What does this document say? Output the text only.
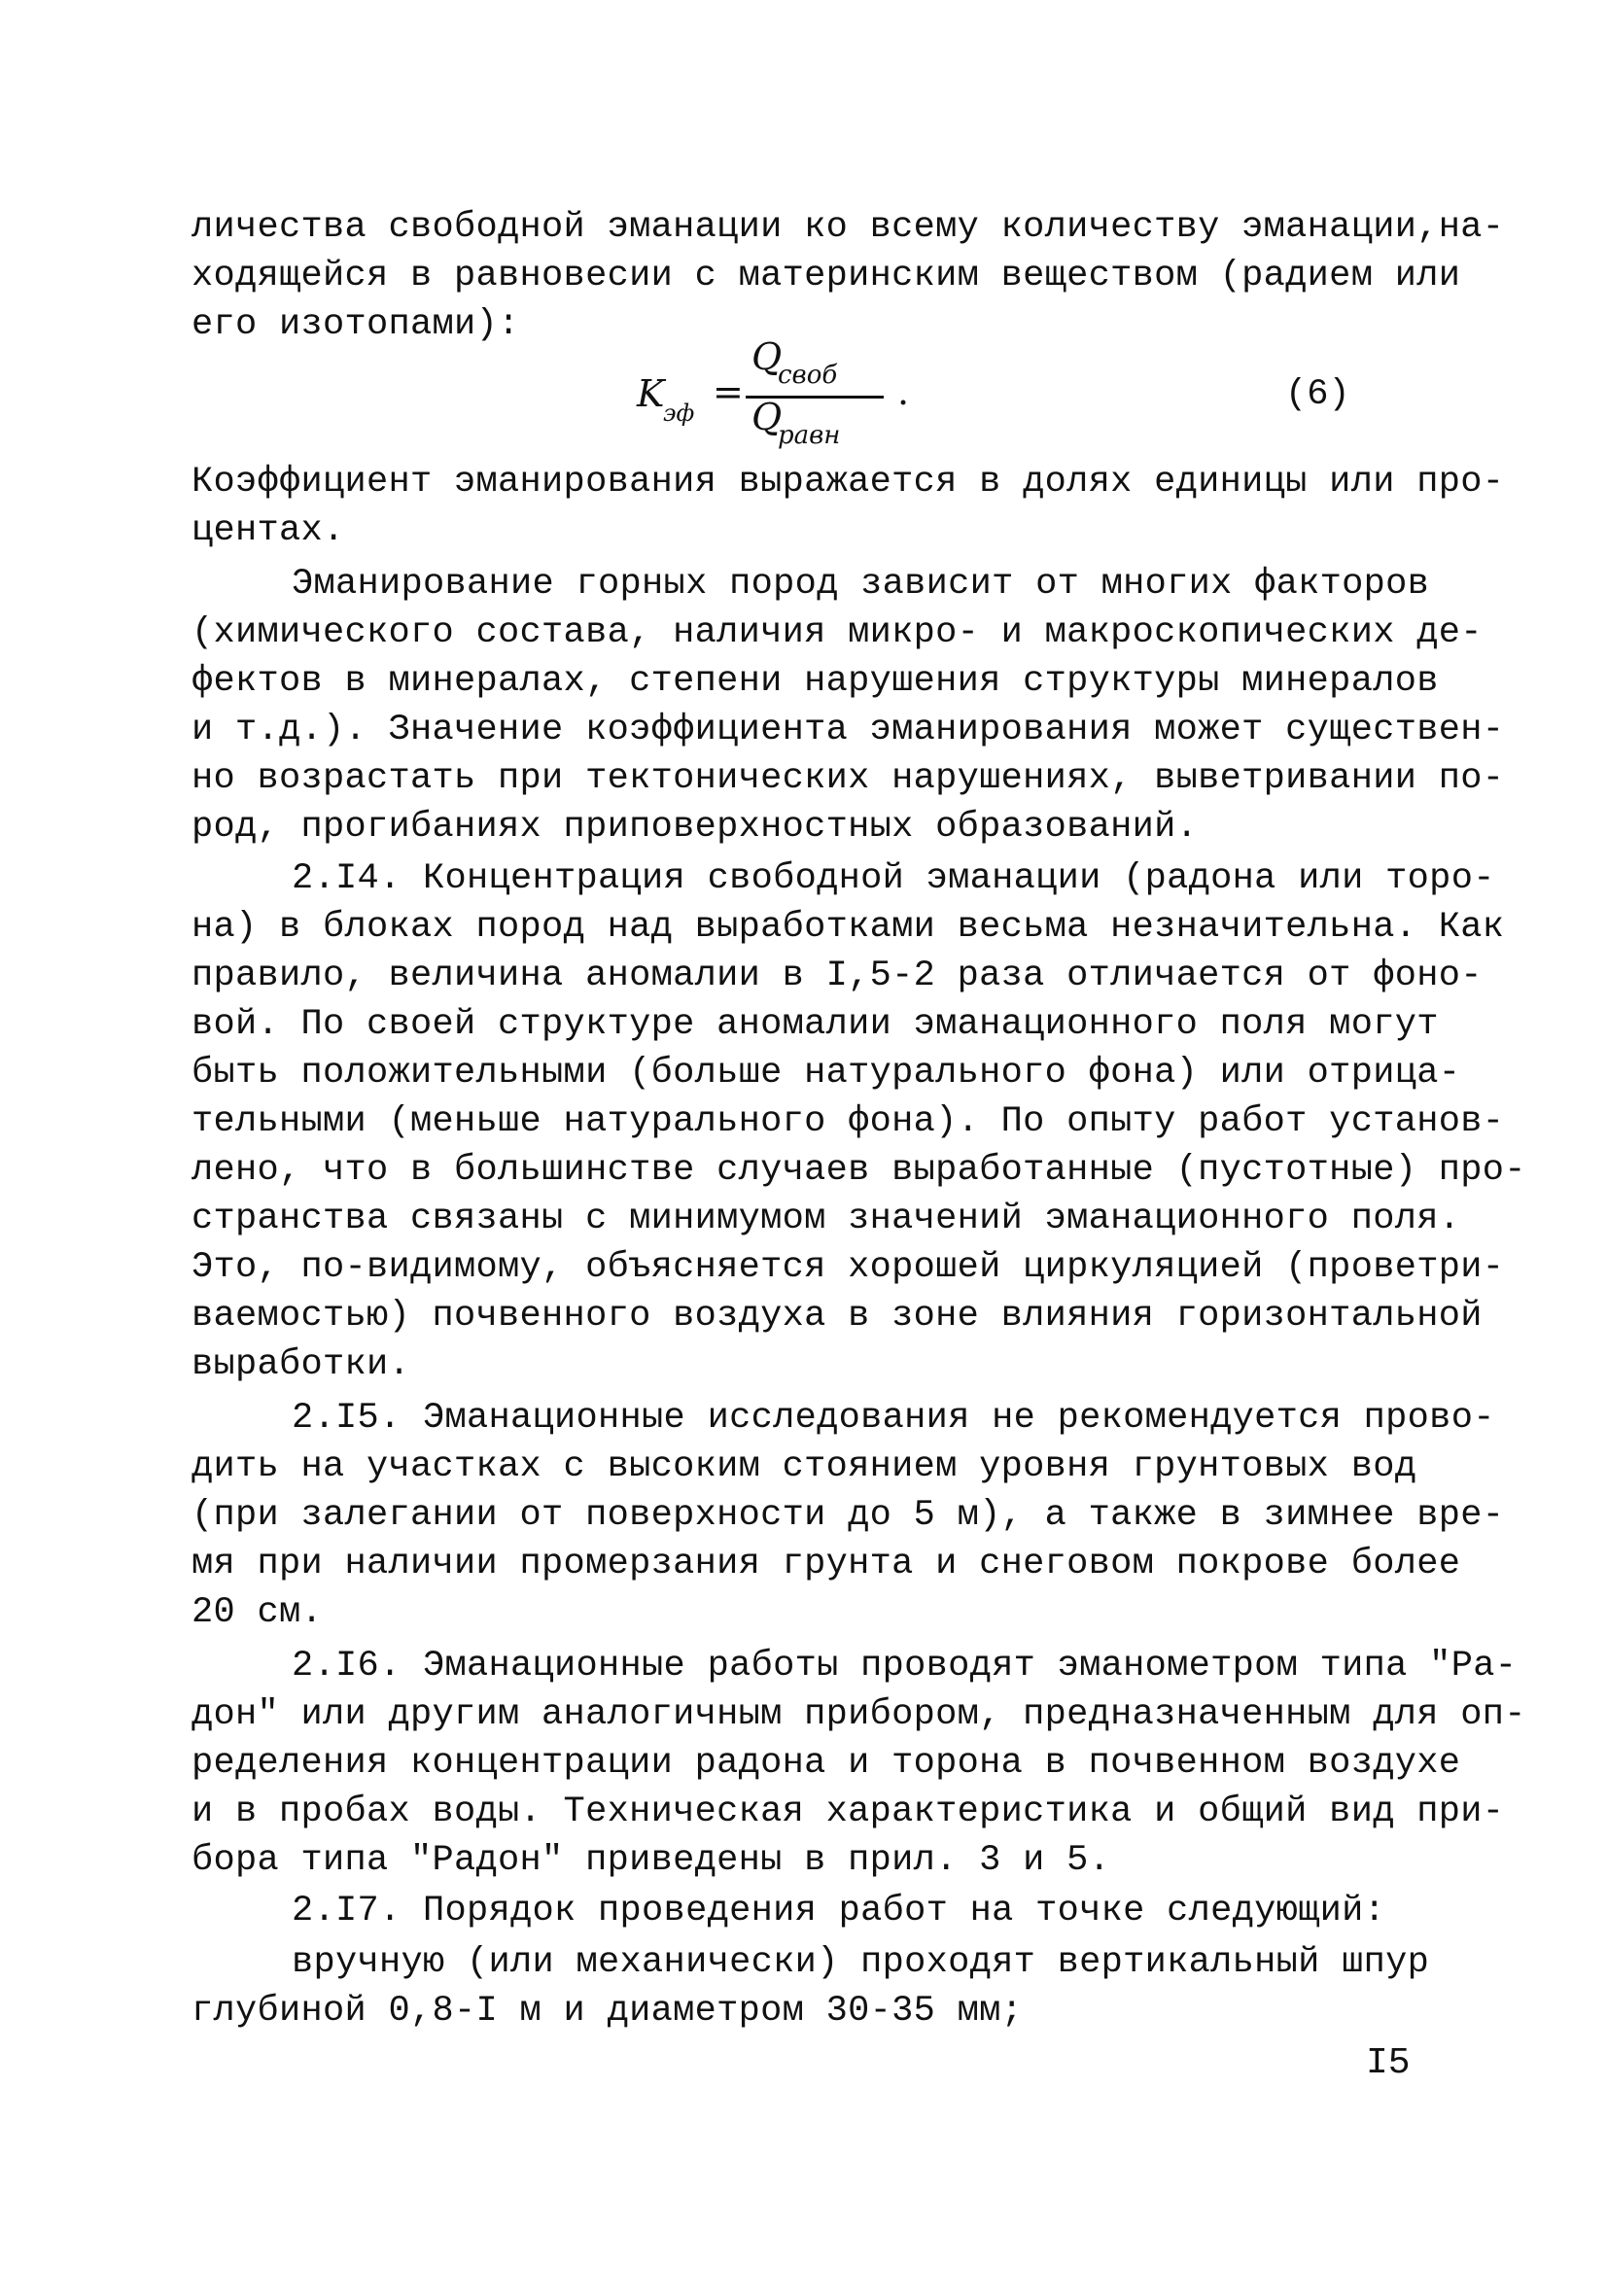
личества свободной эманации ко всему количеству эманации,на-
ходящейся в равновесии с материнским веществом (радием или
его изотопами):
K
эф =
Q
своб
Q
равн
.	(6)
Коэффициент эманирования выражается в долях единицы или про-
центах.
Эманирование горных пород зависит от многих факторов
(химического состава, наличия микро- и макроскопических де-
фектов в минералах, степени нарушения структуры минералов
и т.д.). Значение коэффициента эманирования может существен-
но возрастать при тектонических нарушениях, выветривании по-
род, прогибаниях приповерхностных образований.
2.I4. Концентрация свободной эманации (радона или торо-
на) в блоках пород над выработками весьма незначительна. Как
правило, величина аномалии в I,5-2 раза отличается от фоно-
вой. По своей структуре аномалии эманационного поля могут
быть положительными (больше натурального фона) или отрица-
тельными (меньше натурального фона). По опыту работ установ-
лено, что в большинстве случаев выработанные (пустотные) про-
странства связаны с минимумом значений эманационного поля.
Это, по-видимому, объясняется хорошей циркуляцией (проветри-
ваемостью) почвенного воздуха в зоне влияния горизонтальной
выработки.
2.I5. Эманационные исследования не рекомендуется прово-
дить на участках с высоким стоянием уровня грунтовых вод
(при залегании от поверхности до 5 м), а также в зимнее вре-
мя при наличии промерзания грунта и снеговом покрове более
20 см.
2.I6. Эманационные работы проводят эманометром типа "Ра-
дон" или другим аналогичным прибором, предназначенным для оп-
ределения концентрации радона и торона в почвенном воздухе
и в пробах воды. Техническая характеристика и общий вид при-
бора типа "Радон" приведены в прил. 3 и 5.
2.I7. Порядок проведения работ на точке следующий:
вручную (или механически) проходят вертикальный шпур
глубиной 0,8-I м и диаметром 30-35 мм;
I5
